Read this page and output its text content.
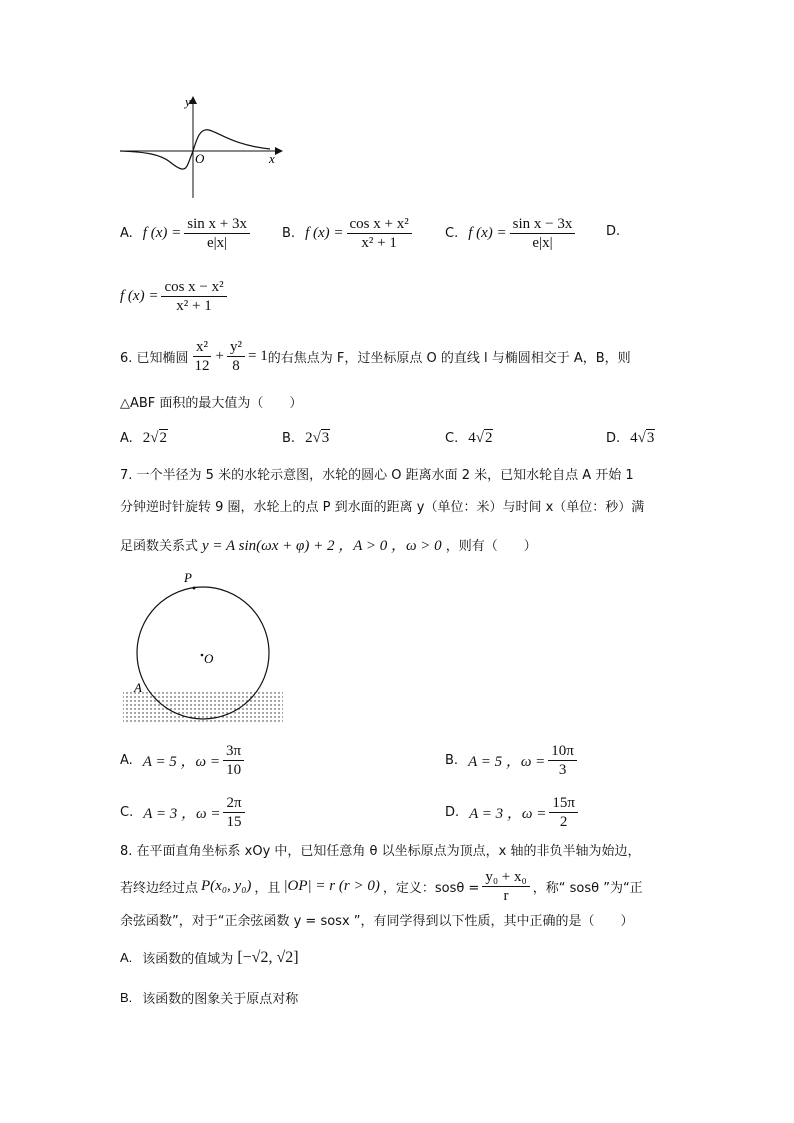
y
x
O
A. f $(x) = \frac{\text{sin x + 3x}}{e|x|} B$. f $(x) = \frac{\text{cos x + x²}}{\text{x² + 1}}$	C. f $(x) = \frac{\text{sin x − 3x}}{e|x|} D$.
f $(x) = \frac{\text{cos x − x²}}{\text{x² + 1}}$
6. 已知椭圆 $\frac{\text{x²}}{12} + \frac{\text{y²}}{8} = 1$ 的右焦点为 F，过坐标原点 O 的直线 l 与椭圆相交于 A，B，则
△ABF 面积的最大值为（　　）
A. 2 √2	B. 2 √3	C. 4 √2	D. 4 √3
7. 一个半径为 5 米的水轮示意图，水轮的圆心 O 距离水面 2 米，已知水轮自点 A 开始 1
分钟逆时针旋转 9 圈，水轮上的点 P 到水面的距离 y（单位：米）与时间 x（单位：秒）满
足函数关系式 y = A sin(ωx + φ) + 2 ，A > 0 ，ω > 0 ，则有（　　）
P
O
A
A. A = 5 ，$\omega = \frac{3\pi}{10}$	B. A = 5 ，$\omega = \frac{10\pi}{3}$
C. A = 3 ，$\omega = \frac{2\pi}{15}$	D. A = 3 ，$\omega = \frac{15\pi}{2}$
8. 在平面直角坐标系 xOy 中，已知任意角 θ 以坐标原点为顶点，x 轴的非负半轴为始边，
若终边经过点 P(x₀, y₀) ，且 |OP| = r (r > 0) ，定义：$sos\theta = \frac{\text{y₀ + x₀}}{r}$ ，称“ sosθ ”为“正
余弦函数”，对于“正余弦函数 y = sosx ”，有同学得到以下性质，其中正确的是（　　）
A. 该函数的值域为 [−√2, √2]
B. 该函数的图象关于原点对称
